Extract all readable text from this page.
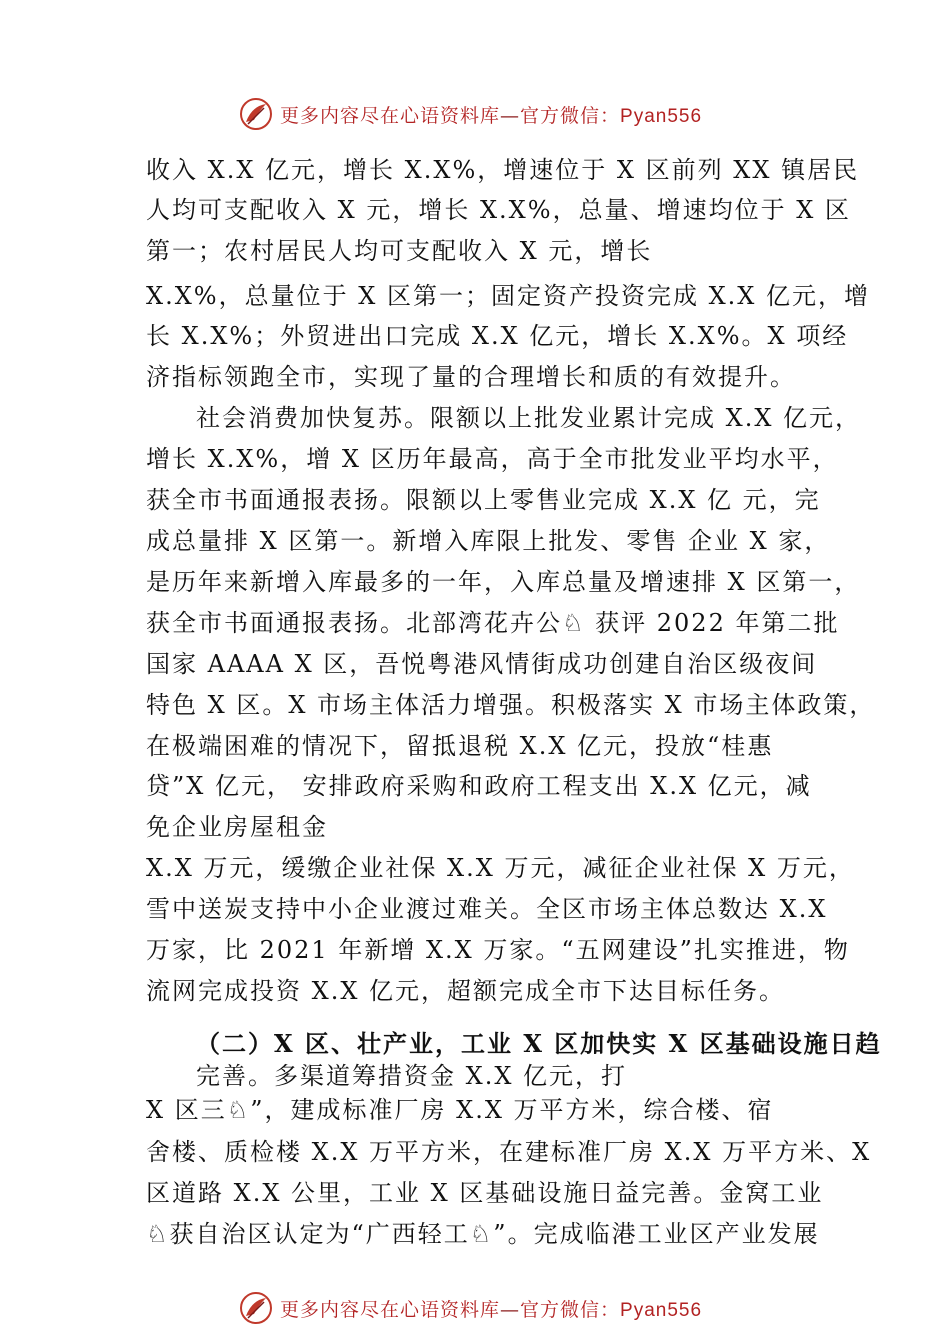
更多内容尽在心语资料库—官方微信：Pyan556
收入 X.X 亿元，增长 X.X%，增速位于 X 区前列 XX 镇居民
人均可支配收入 X 元，增长 X.X%，总量、增速均位于 X 区
第一；农村居民人均可支配收入 X 元，增长
X.X%，总量位于 X 区第一；固定资产投资完成 X.X 亿元，增
长 X.X%；外贸进出口完成 X.X 亿元，增长 X.X%。X 项经
济指标领跑全市，实现了量的合理增长和质的有效提升。
社会消费加快复苏。限额以上批发业累计完成 X.X 亿元，
增长 X.X%，增 X 区历年最高，高于全市批发业平均水平，
获全市书面通报表扬。限额以上零售业完成 X.X 亿 元，完
成总量排 X 区第一。新增入库限上批发、零售 企业 X 家，
是历年来新增入库最多的一年，入库总量及增速排 X 区第一，
获全市书面通报表扬。北部湾花卉公♘ 获评 2022 年第二批
国家 AAAA X 区，吾悦粤港风情街成功创建自治区级夜间
特色 X 区。X 市场主体活力增强。积极落实 X 市场主体政策，
在极端困难的情况下，留抵退税 X.X 亿元，投放“桂惠
贷”X 亿元， 安排政府采购和政府工程支出 X.X 亿元，减
免企业房屋租金
X.X 万元，缓缴企业社保 X.X 万元，减征企业社保 X 万元，
雪中送炭支持中小企业渡过难关。全区市场主体总数达 X.X
万家，比 2021 年新增 X.X 万家。“五网建设”扎实推进，物
流网完成投资 X.X 亿元，超额完成全市下达目标任务。
（二）X 区、壮产业，工业 X 区加快实 X 区基础设施日趋
完善。多渠道筹措资金 X.X 亿元，打
X 区三♘”，建成标准厂房 X.X 万平方米，综合楼、宿
舍楼、质检楼 X.X 万平方米，在建标准厂房 X.X 万平方米、X
区道路 X.X 公里，工业 X 区基础设施日益完善。金窝工业
♘获自治区认定为“广西轻工♘”。完成临港工业区产业发展
更多内容尽在心语资料库—官方微信：Pyan556
